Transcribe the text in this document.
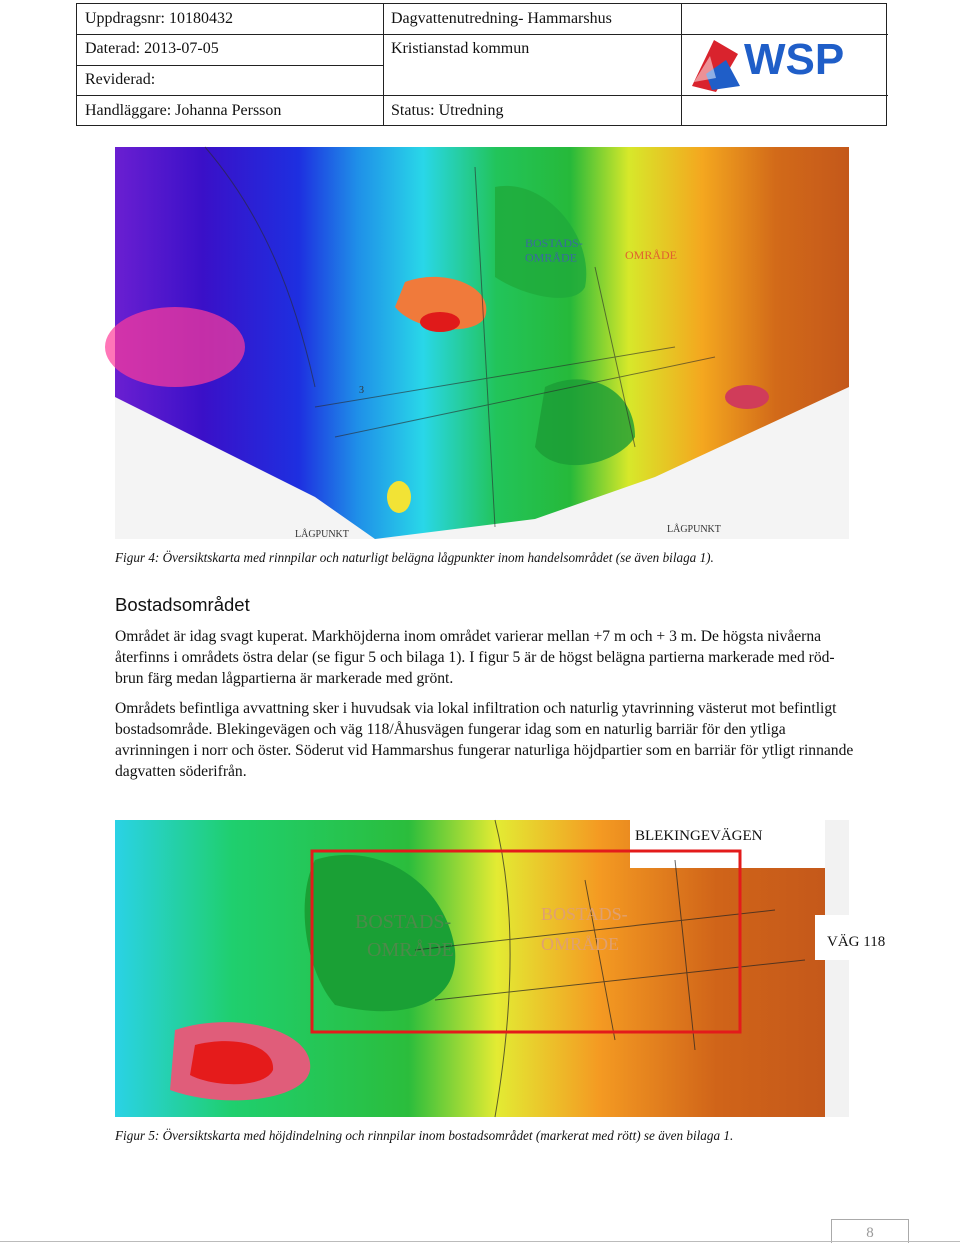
Uppdragsnr: 10180432	Dagvattenutredning- Hammarshus
Daterad: 2013-07-05	Kristianstad kommun
Reviderad:
Handläggare: Johanna Persson	Status: Utredning
WSP
BOSTADS-OMRÅDE	OMRÅDE
3
LÅGPUNKT	LÅGPUNKT
Figur 4: Översiktskarta med rinnpilar och naturligt belägna lågpunkter inom handelsområdet (se även bilaga 1).
Bostadsområdet

Området är idag svagt kuperat. Markhöjderna inom området varierar mellan +7 m och + 3 m. De högsta nivåerna återfinns i områdets östra delar (se figur 5 och bilaga 1). I figur 5 är de högst belägna partierna markerade med röd-brun färg medan lågpartierna är markerade med grönt.

Områdets befintliga avvattning sker i huvudsak via lokal infiltration och naturlig ytavrinning västerut mot befintligt bostadsområde. Blekingevägen och väg 118/Åhusvägen fungerar idag som en naturlig barriär för den ytliga avrinningen i norr och öster. Söderut vid Hammarshus fungerar naturliga höjdpartier som en barriär för ytligt rinnande dagvatten söderifrån.

BOSTADS-
OMRÅDE
BOSTADS-
OMRÅDE
BLEKINGEVÄGEN
VÄG 118
Figur 5: Översiktskarta med höjdindelning och rinnpilar inom bostadsområdet (markerat med rött) se även bilaga 1.
8
